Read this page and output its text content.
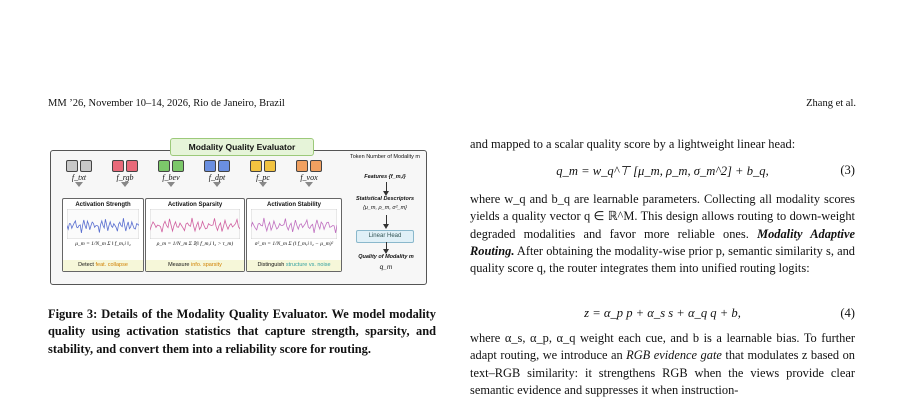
MM ’26, November 10–14, 2026, Rio de Janeiro, Brazil	Zhang et al.
Modality Quality Evaluator
f_txt	f_rgb	f_bev	f_dpt	f_pc	f_vox
Activation Strength
μ_m = 1/N_m Σ ‖ f_m,i ‖₂
Detect feat. collapse
Activation Sparsity
ρ_m = 1/N_m Σ 𝕀(‖ f_m,i ‖₂ > τ_m)
Measure info. sparsity
Activation Stability
σ²_m = 1/N_m Σ (‖ f_m,i ‖₂ − μ_m)²
Distinguish structure vs. noise
Token Number of Modality m
Features {f_m,i}
Statistical Descriptors
{μ_m, ρ_m, σ²_m}
Linear Head
Quality of Modality m
q_m
Figure 3: Details of the Modality Quality Evaluator. We model modality quality using activation statistics that capture strength, sparsity, and stability, and convert them into a reliability score for routing.
and mapped to a scalar quality score by a lightweight linear head:
q_m = w_q^⊤ [μ_m, ρ_m, σ_m^2] + b_q,	(3)
where w_q and b_q are learnable parameters. Collecting all modality scores yields a quality vector q ∈ ℝ^M. This design allows routing to down-weight degraded modalities and favor more reliable ones. Modality Adaptive Routing. After obtaining the modality-wise prior p, semantic similarity s, and quality score q, the router integrates them into unified routing logits:
z = α_p p + α_s s + α_q q + b,	(4)
where α_s, α_p, α_q weight each cue, and b is a learnable bias. To further adapt routing, we introduce an RGB evidence gate that modulates z based on text–RGB similarity: it strengthens RGB when the views provide clear semantic evidence and suppresses it when instruction-
